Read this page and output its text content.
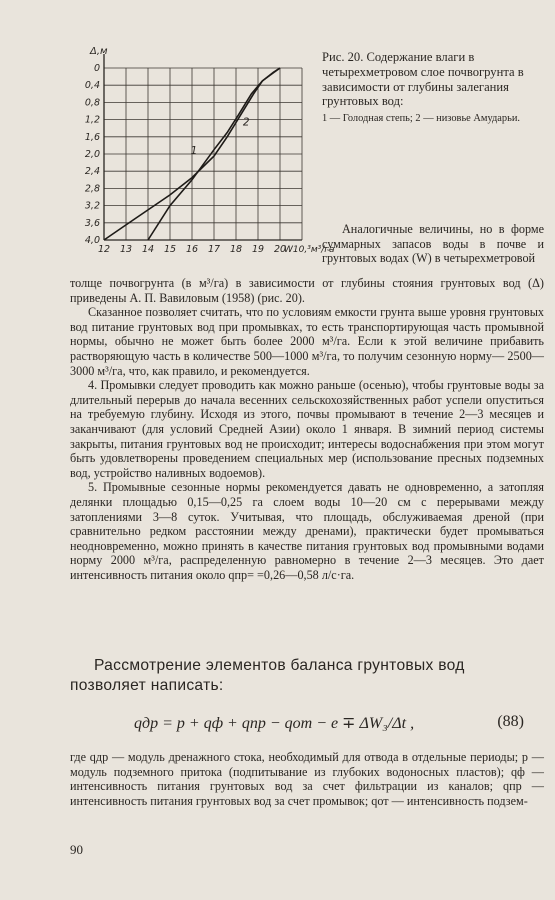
Δ,м
0
0,4
0,8
1,2
1,6
2,0
2,4
2,8
3,2
3,6
4,0
12 13 14 15 16 17 18 19 20
W10,³м³/га
1
2
Рис. 20. Содержание влаги в четырехметровом слое почвогрунта в зависимости от глубины залегания грунтовых вод:
1 — Голодная степь; 2 — низовье Амударьи.
Аналогичные величины, но в форме суммарных запасов воды в почве и грунтовых водах (W) в четырехметровой

толще почвогрунта (в м³/га) в зависимости от глубины стояния грунтовых вод (Δ) приведены А. П. Вавиловым (1958) (рис. 20).

Сказанное позволяет считать, что по условиям емкости грунта выше уровня грунтовых вод питание грунтовых вод при промывках, то есть транспортирующая часть промывной нормы, обычно не может быть более 2000 м³/га. Если к этой величине прибавить растворяющую часть в количестве 500—1000 м³/га, то получим сезонную норму— 2500—3000 м³/га, что, как правило, и рекомендуется.

4. Промывки следует проводить как можно раньше (осенью), чтобы грунтовые воды за длительный перерыв до начала весенних сельскохозяйственных работ успели опуститься на требуемую глубину. Исходя из этого, почвы промывают в течение 2—3 месяцев и заканчивают (для условий Средней Азии) около 1 января. В зимний период системы закрыты, питания грунтовых вод не происходит; интересы водоснабжения при этом могут быть удовлетворены проведением специальных мер (использование пресных подземных вод, устройство наливных водоемов).

5. Промывные сезонные нормы рекомендуется давать не одновременно, а затопляя делянки площадью 0,15—0,25 га слоем воды 10—20 см с перерывами между затоплениями 3—8 суток. Учитывая, что площадь, обслуживаемая дреной (при сравнительно редком расстоянии между дренами), практически будет промываться неодновременно, можно принять в качестве питания грунтовых вод промывными водами норму 2000 м³/га, распределенную равномерно в течение 2—3 месяцев. Это дает интенсивность питания около qпр= =0,26—0,58 л/с·га.

Рассмотрение элементов баланса грунтовых вод позволяет написать:
qдр = p + qф + qпр − qот − e ∓ ΔW₃/Δt ,	(88)
где qдр — модуль дренажного стока, необходимый для отвода в отдельные периоды; p — модуль подземного притока (подпитывание из глубоких водоносных пластов); qф — интенсивность питания грунтовых вод за счет фильтрации из каналов; qпр — интенсивность питания грунтовых вод за счет промывок; qот — интенсивность подзем-
90
